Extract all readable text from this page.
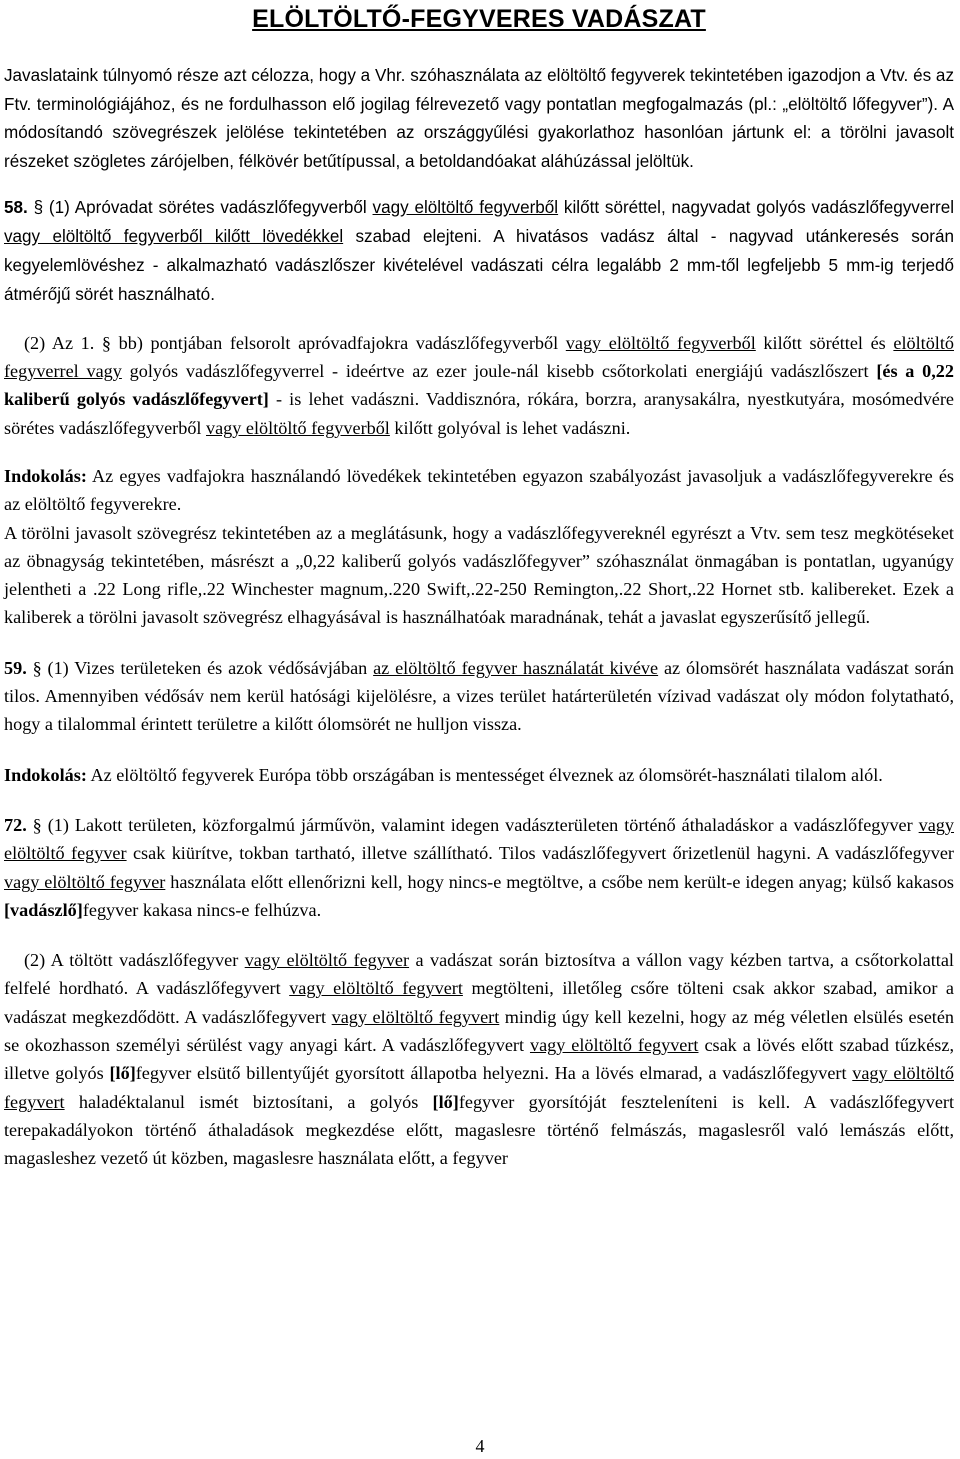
ELÖLTÖLTŐ-FEGYVERES VADÁSZAT

Javaslataink túlnyomó része azt célozza, hogy a Vhr. szóhasználata az elöltöltő fegyverek tekintetében igazodjon a Vtv. és az Ftv. terminológiájához, és ne fordulhasson elő jogilag félrevezető vagy pontatlan megfogalmazás (pl.: „elöltöltő lőfegyver”). A módosítandó szövegrészek jelölése tekintetében az országgyűlési gyakorlathoz hasonlóan jártunk el: a törölni javasolt részeket szögletes zárójelben, félkövér betűtípussal, a betoldandóakat aláhúzással jelöltük.

58. § (1) Apróvadat sörétes vadászlőfegyverből vagy elöltöltő fegyverből kilőtt söréttel, nagyvadat golyós vadászlőfegyverrel vagy elöltöltő fegyverből kilőtt lövedékkel szabad elejteni. A hivatásos vadász által - nagyvad utánkeresés során kegyelemlövéshez - alkalmazható vadászlőszer kivételével vadászati célra legalább 2 mm-től legfeljebb 5 mm-ig terjedő átmérőjű sörét használható.

(2) Az 1. § bb) pontjában felsorolt apróvadfajokra vadászlőfegyverből vagy elöltöltő fegyverből kilőtt söréttel és elöltöltő fegyverrel vagy golyós vadászlőfegyverrel - ideértve az ezer joule-nál kisebb csőtorkolati energiájú vadászlőszert [és a 0,22 kaliberű golyós vadászlőfegyvert] - is lehet vadászni. Vaddisznóra, rókára, borzra, aranysakálra, nyestkutyára, mosómedvére sörétes vadászlőfegyverből vagy elöltöltő fegyverből kilőtt golyóval is lehet vadászni.

Indokolás: Az egyes vadfajokra használandó lövedékek tekintetében egyazon szabályozást javasoljuk a vadászlőfegyverekre és az elöltöltő fegyverekre.

A törölni javasolt szövegrész tekintetében az a meglátásunk, hogy a vadászlőfegyvereknél egyrészt a Vtv. sem tesz megkötéseket az öbnagyság tekintetében, másrészt a „0,22 kaliberű golyós vadászlőfegyver” szóhasználat önmagában is pontatlan, ugyanúgy jelentheti a .22 Long rifle,.22 Winchester magnum,.220 Swift,.22-250 Remington,.22 Short,.22 Hornet stb. kalibereket. Ezek a kaliberek a törölni javasolt szövegrész elhagyásával is használhatóak maradnának, tehát a javaslat egyszerűsítő jellegű.

59. § (1) Vizes területeken és azok védősávjában az elöltöltő fegyver használatát kivéve az ólomsörét használata vadászat során tilos. Amennyiben védősáv nem kerül hatósági kijelölésre, a vizes terület határterületén vízivad vadászat oly módon folytatható, hogy a tilalommal érintett területre a kilőtt ólomsörét ne hulljon vissza.

Indokolás: Az elöltöltő fegyverek Európa több országában is mentességet élveznek az ólomsörét-használati tilalom alól.

72. § (1) Lakott területen, közforgalmú járművön, valamint idegen vadászterületen történő áthaladáskor a vadászlőfegyver vagy elöltöltő fegyver csak kiürítve, tokban tartható, illetve szállítható. Tilos vadászlőfegyvert őrizetlenül hagyni. A vadászlőfegyver vagy elöltöltő fegyver használata előtt ellenőrizni kell, hogy nincs-e megtöltve, a csőbe nem került-e idegen anyag; külső kakasos [vadászlő]fegyver kakasa nincs-e felhúzva.

(2) A töltött vadászlőfegyver vagy elöltöltő fegyver a vadászat során biztosítva a vállon vagy kézben tartva, a csőtorkolattal felfelé hordható. A vadászlőfegyvert vagy elöltöltő fegyvert megtölteni, illetőleg csőre tölteni csak akkor szabad, amikor a vadászat megkezdődött. A vadászlőfegyvert vagy elöltöltő fegyvert mindig úgy kell kezelni, hogy az még véletlen elsülés esetén se okozhasson személyi sérülést vagy anyagi kárt. A vadászlőfegyvert vagy elöltöltő fegyvert csak a lövés előtt szabad tűzkész, illetve golyós [lő]fegyver elsütő billentyűjét gyorsított állapotba helyezni. Ha a lövés elmarad, a vadászlőfegyvert vagy elöltöltő fegyvert haladéktalanul ismét biztosítani, a golyós [lő]fegyver gyorsítóját feszteleníteni is kell. A vadászlőfegyvert terepakadályokon történő áthaladások megkezdése előtt, magaslesre történő felmászás, magaslesről való lemászás előtt, magasleshez vezető út közben, magaslesre használata előtt, a fegyver

4
